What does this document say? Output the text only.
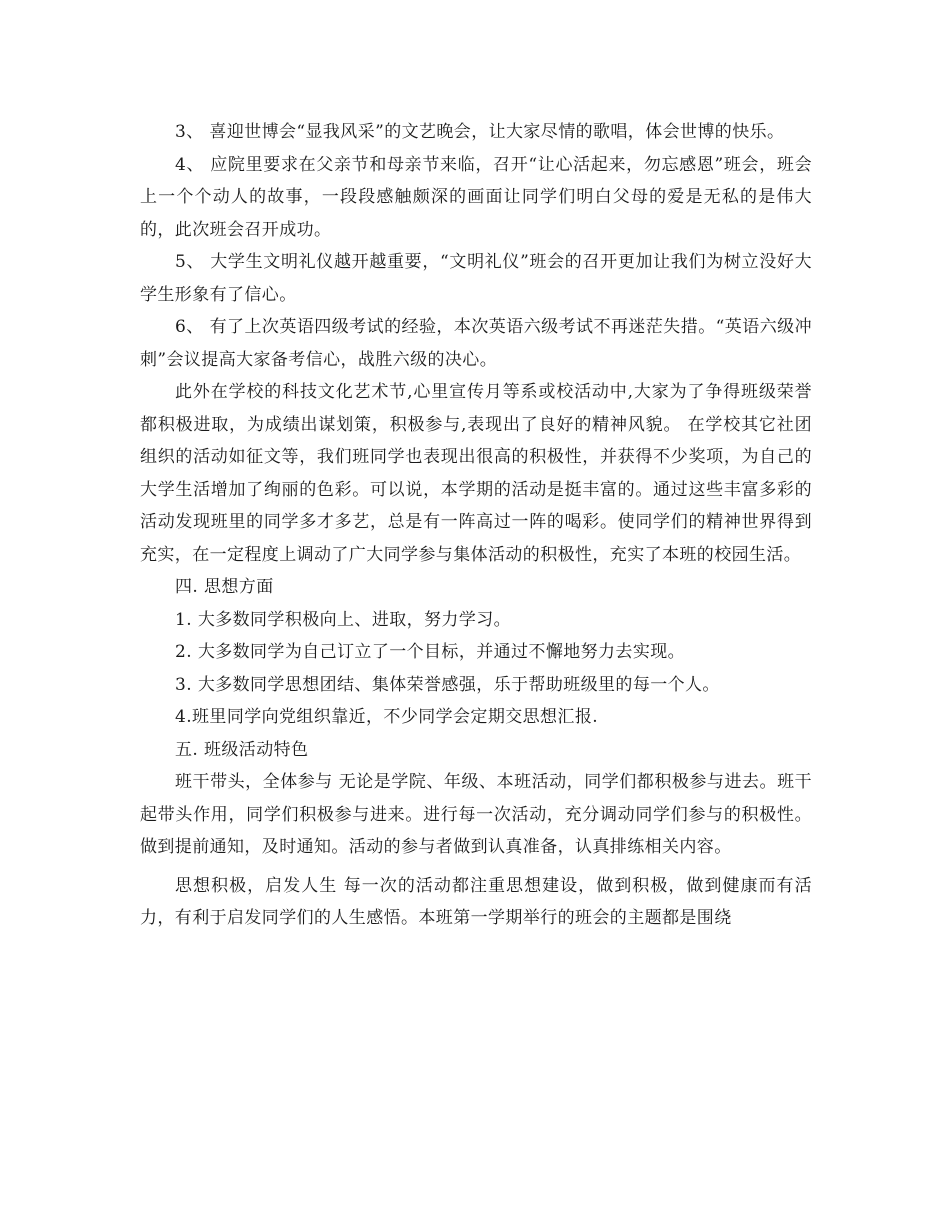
3、 喜迎世博会“显我风采”的文艺晚会，让大家尽情的歌唱，体会世博的快乐。

4、 应院里要求在父亲节和母亲节来临，召开“让心活起来，勿忘感恩”班会，班会上一个个动人的故事，一段段感触颇深的画面让同学们明白父母的爱是无私的是伟大的，此次班会召开成功。

5、 大学生文明礼仪越开越重要，“文明礼仪”班会的召开更加让我们为树立没好大学生形象有了信心。

6、 有了上次英语四级考试的经验，本次英语六级考试不再迷茫失措。“英语六级冲刺”会议提高大家备考信心，战胜六级的决心。

此外在学校的科技文化艺术节,心里宣传月等系或校活动中,大家为了争得班级荣誉都积极进取，为成绩出谋划策，积极参与,表现出了良好的精神风貌。 在学校其它社团组织的活动如征文等，我们班同学也表现出很高的积极性，并获得不少奖项，为自己的大学生活增加了绚丽的色彩。可以说，本学期的活动是挺丰富的。通过这些丰富多彩的活动发现班里的同学多才多艺，总是有一阵高过一阵的喝彩。使同学们的精神世界得到充实，在一定程度上调动了广大同学参与集体活动的积极性，充实了本班的校园生活。

四. 思想方面

1. 大多数同学积极向上、进取，努力学习。

2. 大多数同学为自己订立了一个目标，并通过不懈地努力去实现。

3. 大多数同学思想团结、集体荣誉感强，乐于帮助班级里的每一个人。

4.班里同学向党组织靠近，不少同学会定期交思想汇报.

五. 班级活动特色

班干带头，全体参与 无论是学院、年级、本班活动，同学们都积极参与进去。班干起带头作用，同学们积极参与进来。进行每一次活动，充分调动同学们参与的积极性。做到提前通知，及时通知。活动的参与者做到认真准备，认真排练相关内容。

思想积极，启发人生 每一次的活动都注重思想建设，做到积极，做到健康而有活力，有利于启发同学们的人生感悟。本班第一学期举行的班会的主题都是围绕
